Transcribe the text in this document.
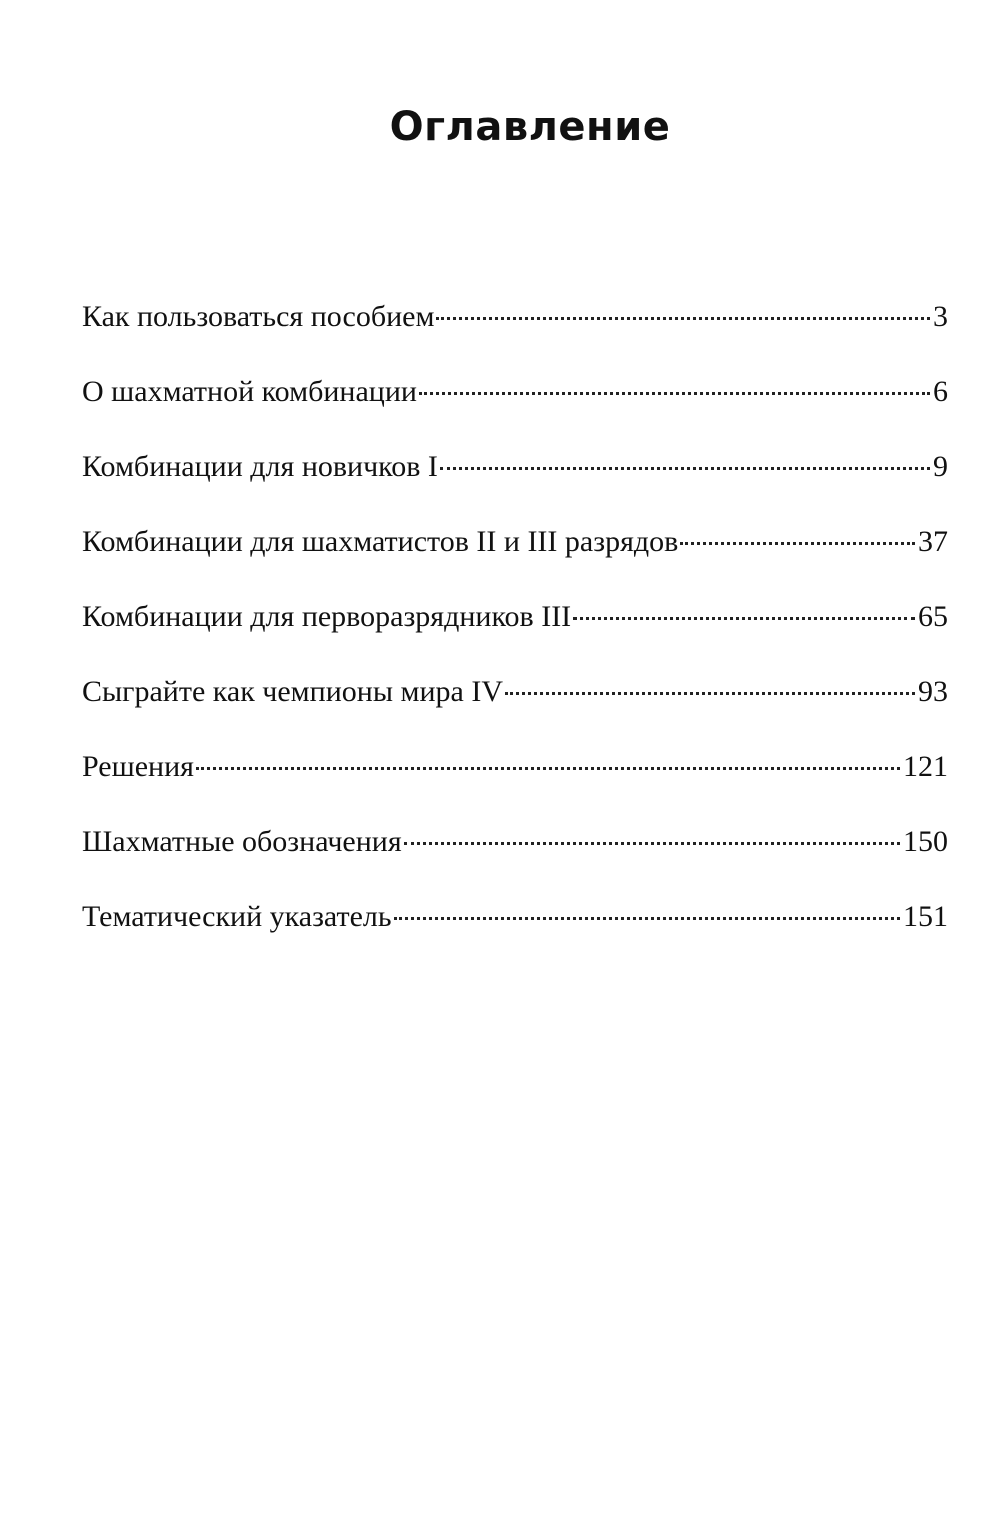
Оглавление
Как пользоваться пособием	3
О шахматной комбинации	6
Комбинации для новичков I	9
Комбинации для шахматистов II и III разрядов	37
Комбинации для перворазрядников III	65
Сыграйте как чемпионы мира IV	93
Решения	121
Шахматные обозначения	150
Тематический указатель	151
